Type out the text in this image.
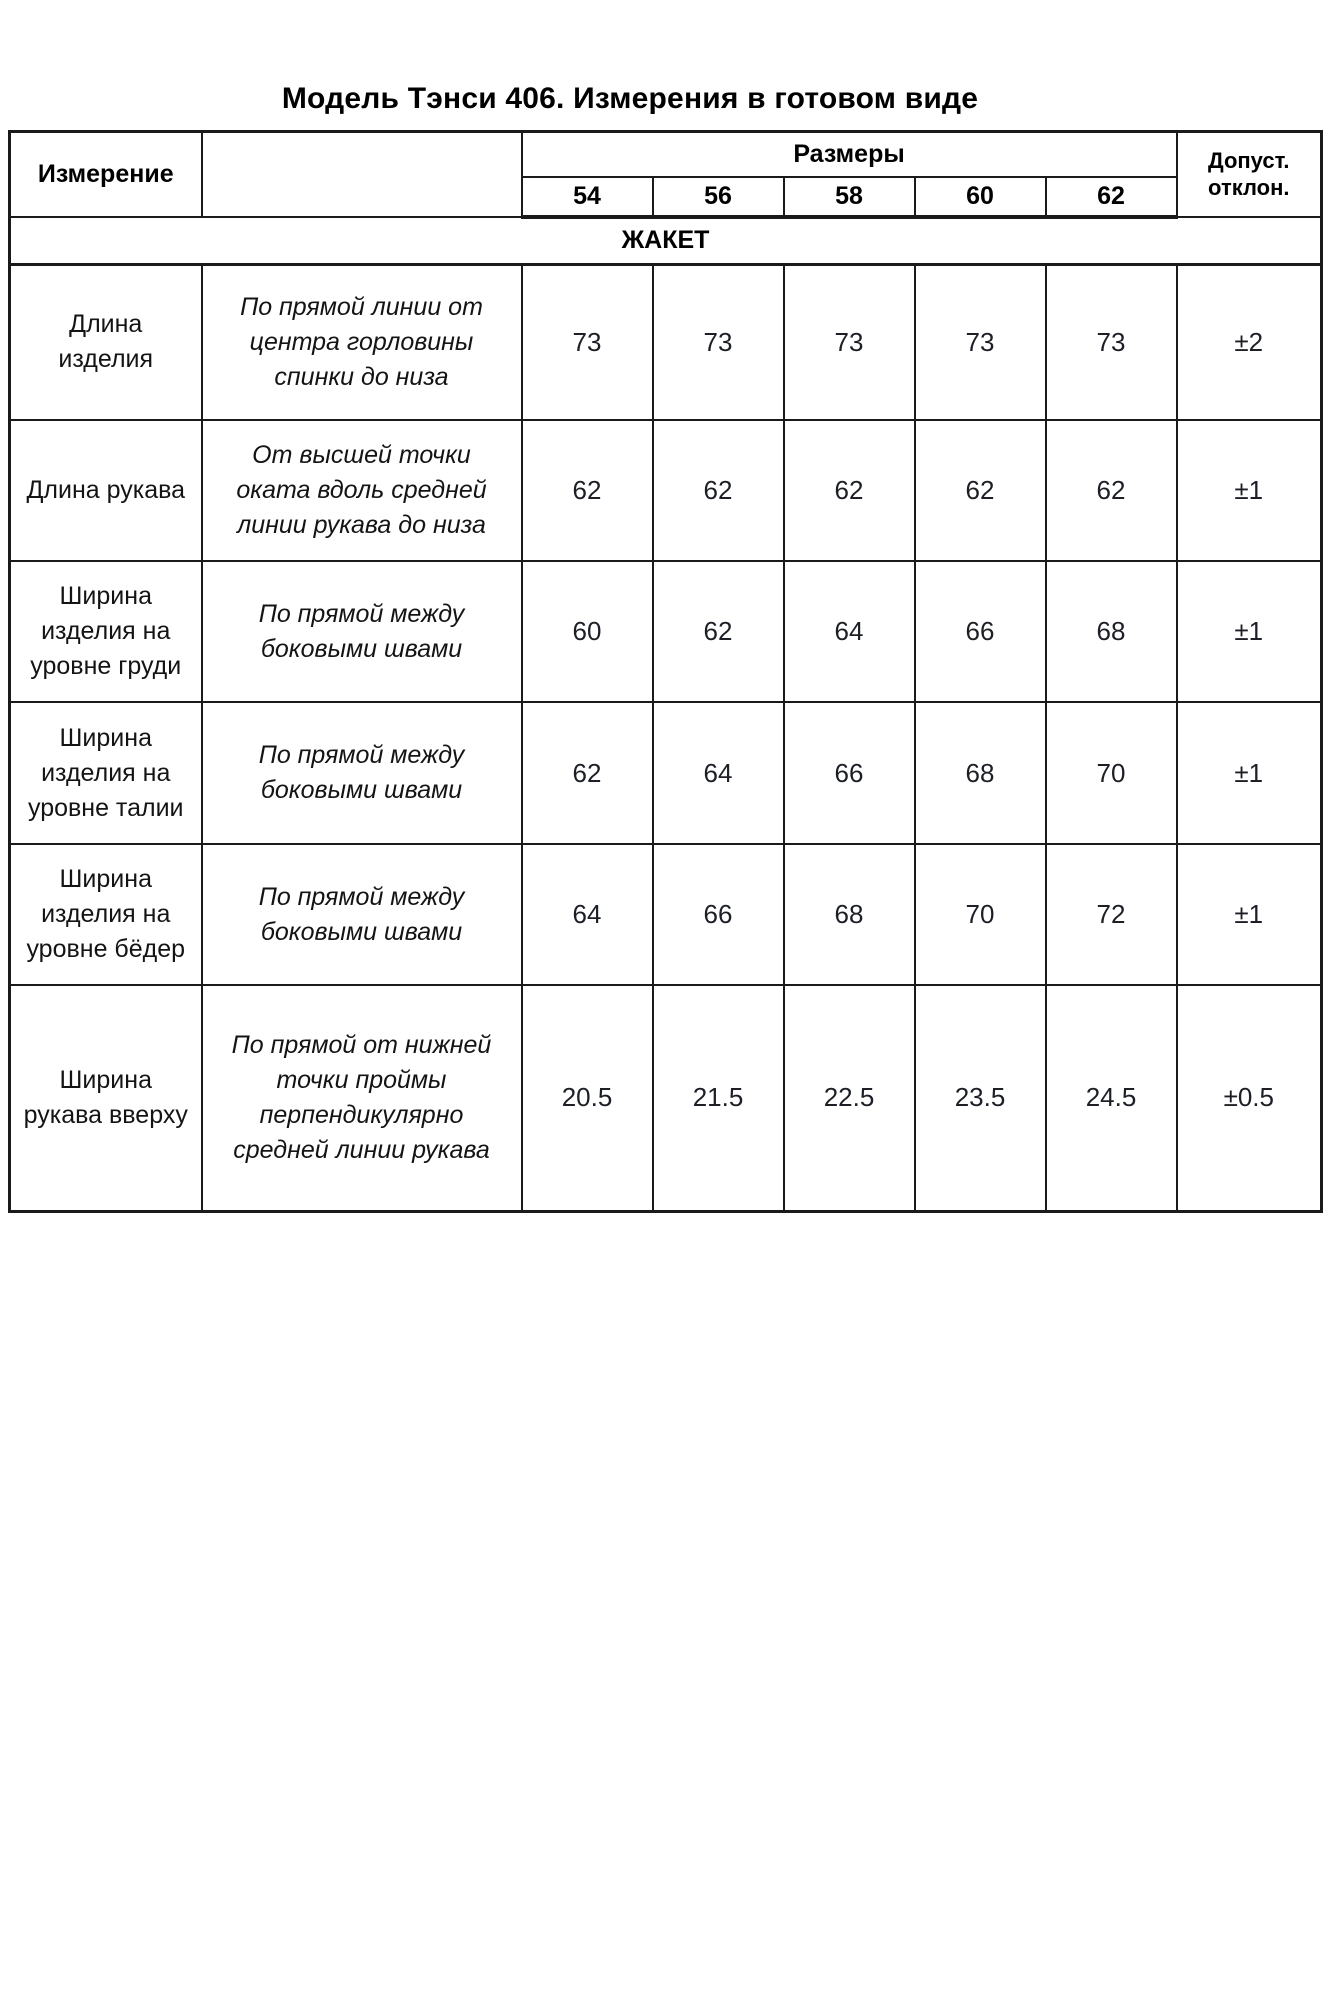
Модель Тэнси 406. Измерения в готовом виде
Измерение		Размеры					Допуст. отклон.
		54	56	58	60	62	
ЖАКЕТ							
Длина изделия	По прямой линии от центра горловины спинки до низа	73	73	73	73	73	±2
Длина рукава	От высшей точки оката вдоль средней линии рукава до низа	62	62	62	62	62	±1
Ширина изделия на уровне груди	По прямой между боковыми швами	60	62	64	66	68	±1
Ширина изделия на уровне талии	По прямой между боковыми швами	62	64	66	68	70	±1
Ширина изделия на уровне бёдер	По прямой между боковыми швами	64	66	68	70	72	±1
Ширина рукава вверху	По прямой от нижней точки проймы перпендикулярно средней линии рукава	20.5	21.5	22.5	23.5	24.5	±0.5
